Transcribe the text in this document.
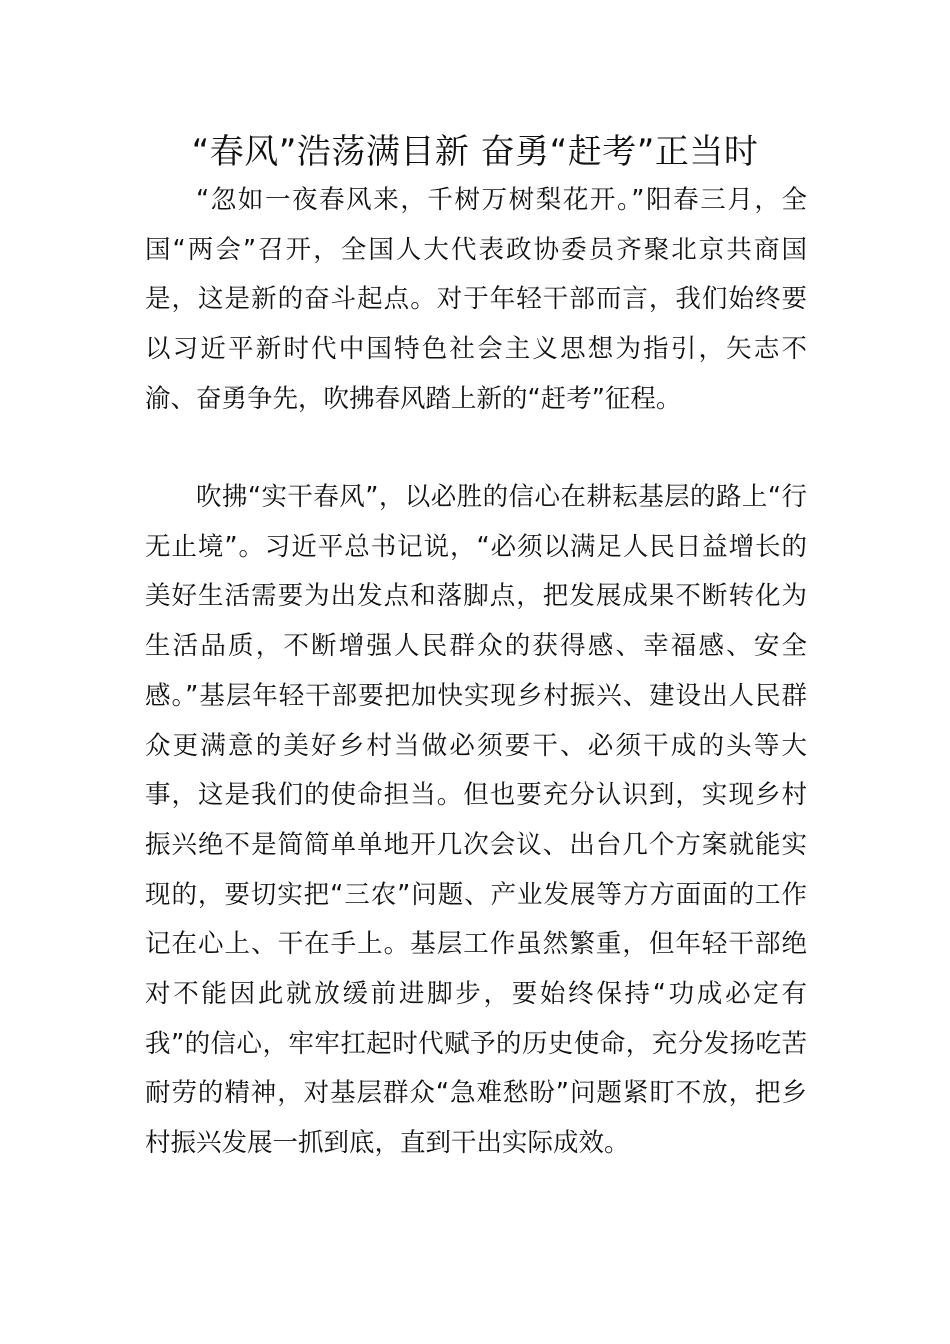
“春风”浩荡满目新 奋勇“赶考”正当时

“忽如一夜春风来，千树万树梨花开。”阳春三月，全国“两会”召开，全国人大代表政协委员齐聚北京共商国是，这是新的奋斗起点。对于年轻干部而言，我们始终要以习近平新时代中国特色社会主义思想为指引，矢志不渝、奋勇争先，吹拂春风踏上新的“赶考”征程。

吹拂“实干春风”，以必胜的信心在耕耘基层的路上“行无止境”。习近平总书记说，“必须以满足人民日益增长的美好生活需要为出发点和落脚点，把发展成果不断转化为生活品质，不断增强人民群众的获得感、幸福感、安全感。”基层年轻干部要把加快实现乡村振兴、建设出人民群众更满意的美好乡村当做必须要干、必须干成的头等大事，这是我们的使命担当。但也要充分认识到，实现乡村振兴绝不是简简单单地开几次会议、出台几个方案就能实现的，要切实把“三农”问题、产业发展等方方面面的工作记在心上、干在手上。基层工作虽然繁重，但年轻干部绝对不能因此就放缓前进脚步，要始终保持“功成必定有我”的信心，牢牢扛起时代赋予的历史使命，充分发扬吃苦耐劳的精神，对基层群众“急难愁盼”问题紧盯不放，把乡村振兴发展一抓到底，直到干出实际成效。
